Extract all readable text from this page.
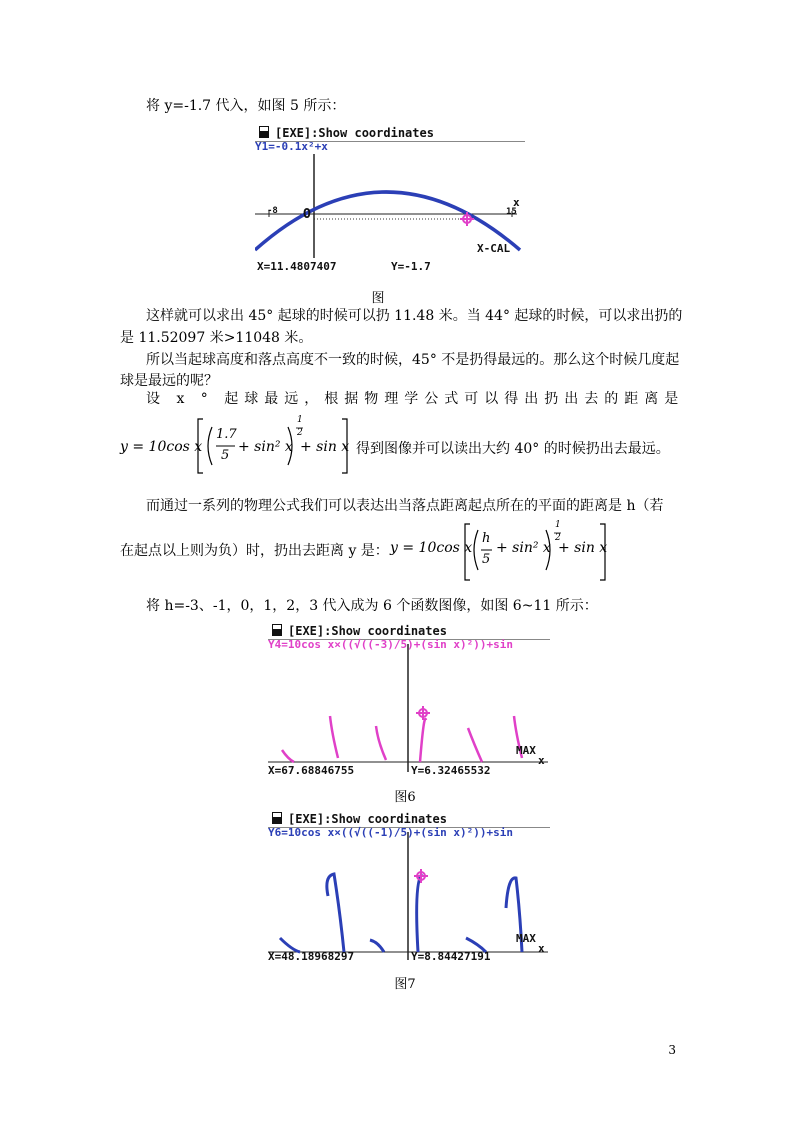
将 y=-1.7 代入，如图 5 所示：
[EXE]:Show coordinates
Y1=-0.1x²+x
-8	15
x
O
X-CAL
X=11.4807407	Y=-1.7
图
这样就可以求出 45° 起球的时候可以扔 11.48 米。当 44° 起球的时候，可以求出扔的
是 11.52097 米>11048 米。
所以当起球高度和落点高度不一致的时候，45° 不是扔得最远的。那么这个时候几度起
球是最远的呢？
设 x ° 起球最远，根据物理学公式可以得出扔出去的距离是
y = 10cos x
1.7
5
+ sin² x
1
2
+ sin x 得到图像并可以读出大约 40° 的时候扔出去最远。
而通过一系列的物理公式我们可以表达出当落点距离起点所在的平面的距离是 h（若
在起点以上则为负）时，扔出去距离 y 是： y = 10cos x
h
5
+ sin² x
1
2
+ sin x
将 h=-3、-1，0，1，2，3 代入成为 6 个函数图像，如图 6~11 所示：
[EXE]:Show coordinates
Y4=10cos x×((√((-3)/5)+(sin x)²))+sin
MAX
x
X=67.68846755	Y=6.32465532
图6
[EXE]:Show coordinates
Y6=10cos x×((√((-1)/5)+(sin x)²))+sin
MAX
x
X=48.18968297	Y=8.84427191
图7
3
